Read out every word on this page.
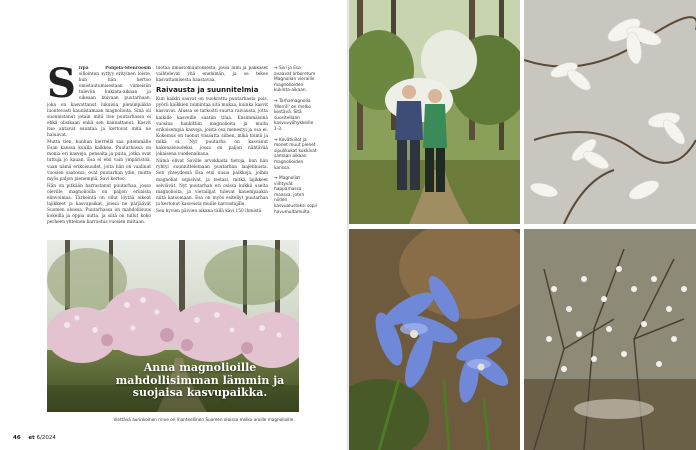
Sirpa Pohjola-Stenroosin sillointen syttyy erityinen loiste, kun hän kertoo omistautumisestaan viimeisiin tuleviin kukinta-aikaan ja oikeaan kuivaan puutarhaan, joka on kasvattanut lukuisia pienimpiäkin luontevasti kaunistamaan magnolioita. Sinä oli suonnistanut jotain mitä itse puutarhassa ei ehkä olisikaan enkä sen kannattanut. Kasvit itse antavat suuntaa ja kertovat mitä ne haluavat.

Mutta tien, kunhan kierrellä saa pitemmälle Esan kanssa kuulla kaikkea. Puutarhassa on monia eri kasveja, pensaita ja puita, jotka ovat tuttuja jo kauan. Esa ei etsi vain ympäristöä, vaan nämä erikoisuudet, joita hän on vaalinut vuosien saatossa, ovat puutarhan ydin, mutta myös paljon pienempiä, Savi kertoo.

Hän on pitkään harrastanut puutarhaa, jossa oleville magnolioilla on paljon erilaista elinvoimaa. Tärkeintä on ollut löytää oikeat lajikkeet ja kasvupaikat, joissa ne pärjäävät Suomen oloissa. Puutarhassa on mahdollisuus kokeilla ja oppia uutta, ja siitä on tullut koko perheen yhteinen harrastus vuosien mittaan.

tuotaa ilmastomuutoksesta, jossa lumi ja pakkaset vaihtelevat yhä enemmän, ja se tekee kasvattamisesta haastavaa.

Raivausta ja suunnitelmia

Kun kaikki sauvat on vuokrattu puutarhasta pois, pyörii kaikkien toimintaa sitä mukaa, kuinka kasvit kasvavat. Alussa se tarkoitti suurta raivausta, jotta kaikille kasveille saatiin tilaa. Ensimmäisinä vuosina hankittiin magnolioita ja muita erikoisempia kasveja, joista osa menestyi ja osa ei. Kokemus on tuonut viisautta siihen, mikä toimii ja mikä ei. Nyt puutarha on kasvanut kokonaisuudeksi, jossa on paljon nähtävää jokaisena vuodenaikana.

Nämä olivat Saville arvokkaita tietoja, kun hän ryhtyi suunnittelemaan puutarhan laajennusta. Sen yhteydessä Esa etsi uusia paikkoja, joihin magnoliat sopisivat, ja testasi, mitkä lajikkeet selviävät. Nyt puutarhan eri osissa kukkii useita magnolioita, ja vierailijat tulevat kauempaakin niitä katsomaan. Esa on myös esitellyt puutarhaa ja kertonut kasveista muille harrastajille.

Sen hyvien päivien aikana tällä kävi 150 ihmistä.

→ Sivi ja Esa avaavat arboretum Magnolian vieraille magnolioiden kukinta-aikaan.
→ Tarhamagnolia 'Merrill' on melko kestävä. Sitä suositellaan kasvuvyöhykkeille 1-3.
→ Kevätkiilot ja monet muut pienet sipulikukat kukkivat samaan aikaan magnolioiden kanssa.
→ Magnoliat viihtyvät happamassa maassa, joten niiden kasvualustaksi sopii havumultamulta.
Anna magnolioille mahdollisimman lämmin ja suojaisa kasvupaikka.
Viettävä aurinkoinen rinne on ihanteellinen Suomen oloissa melko aroille magnolioille.
46 et 6/2024
